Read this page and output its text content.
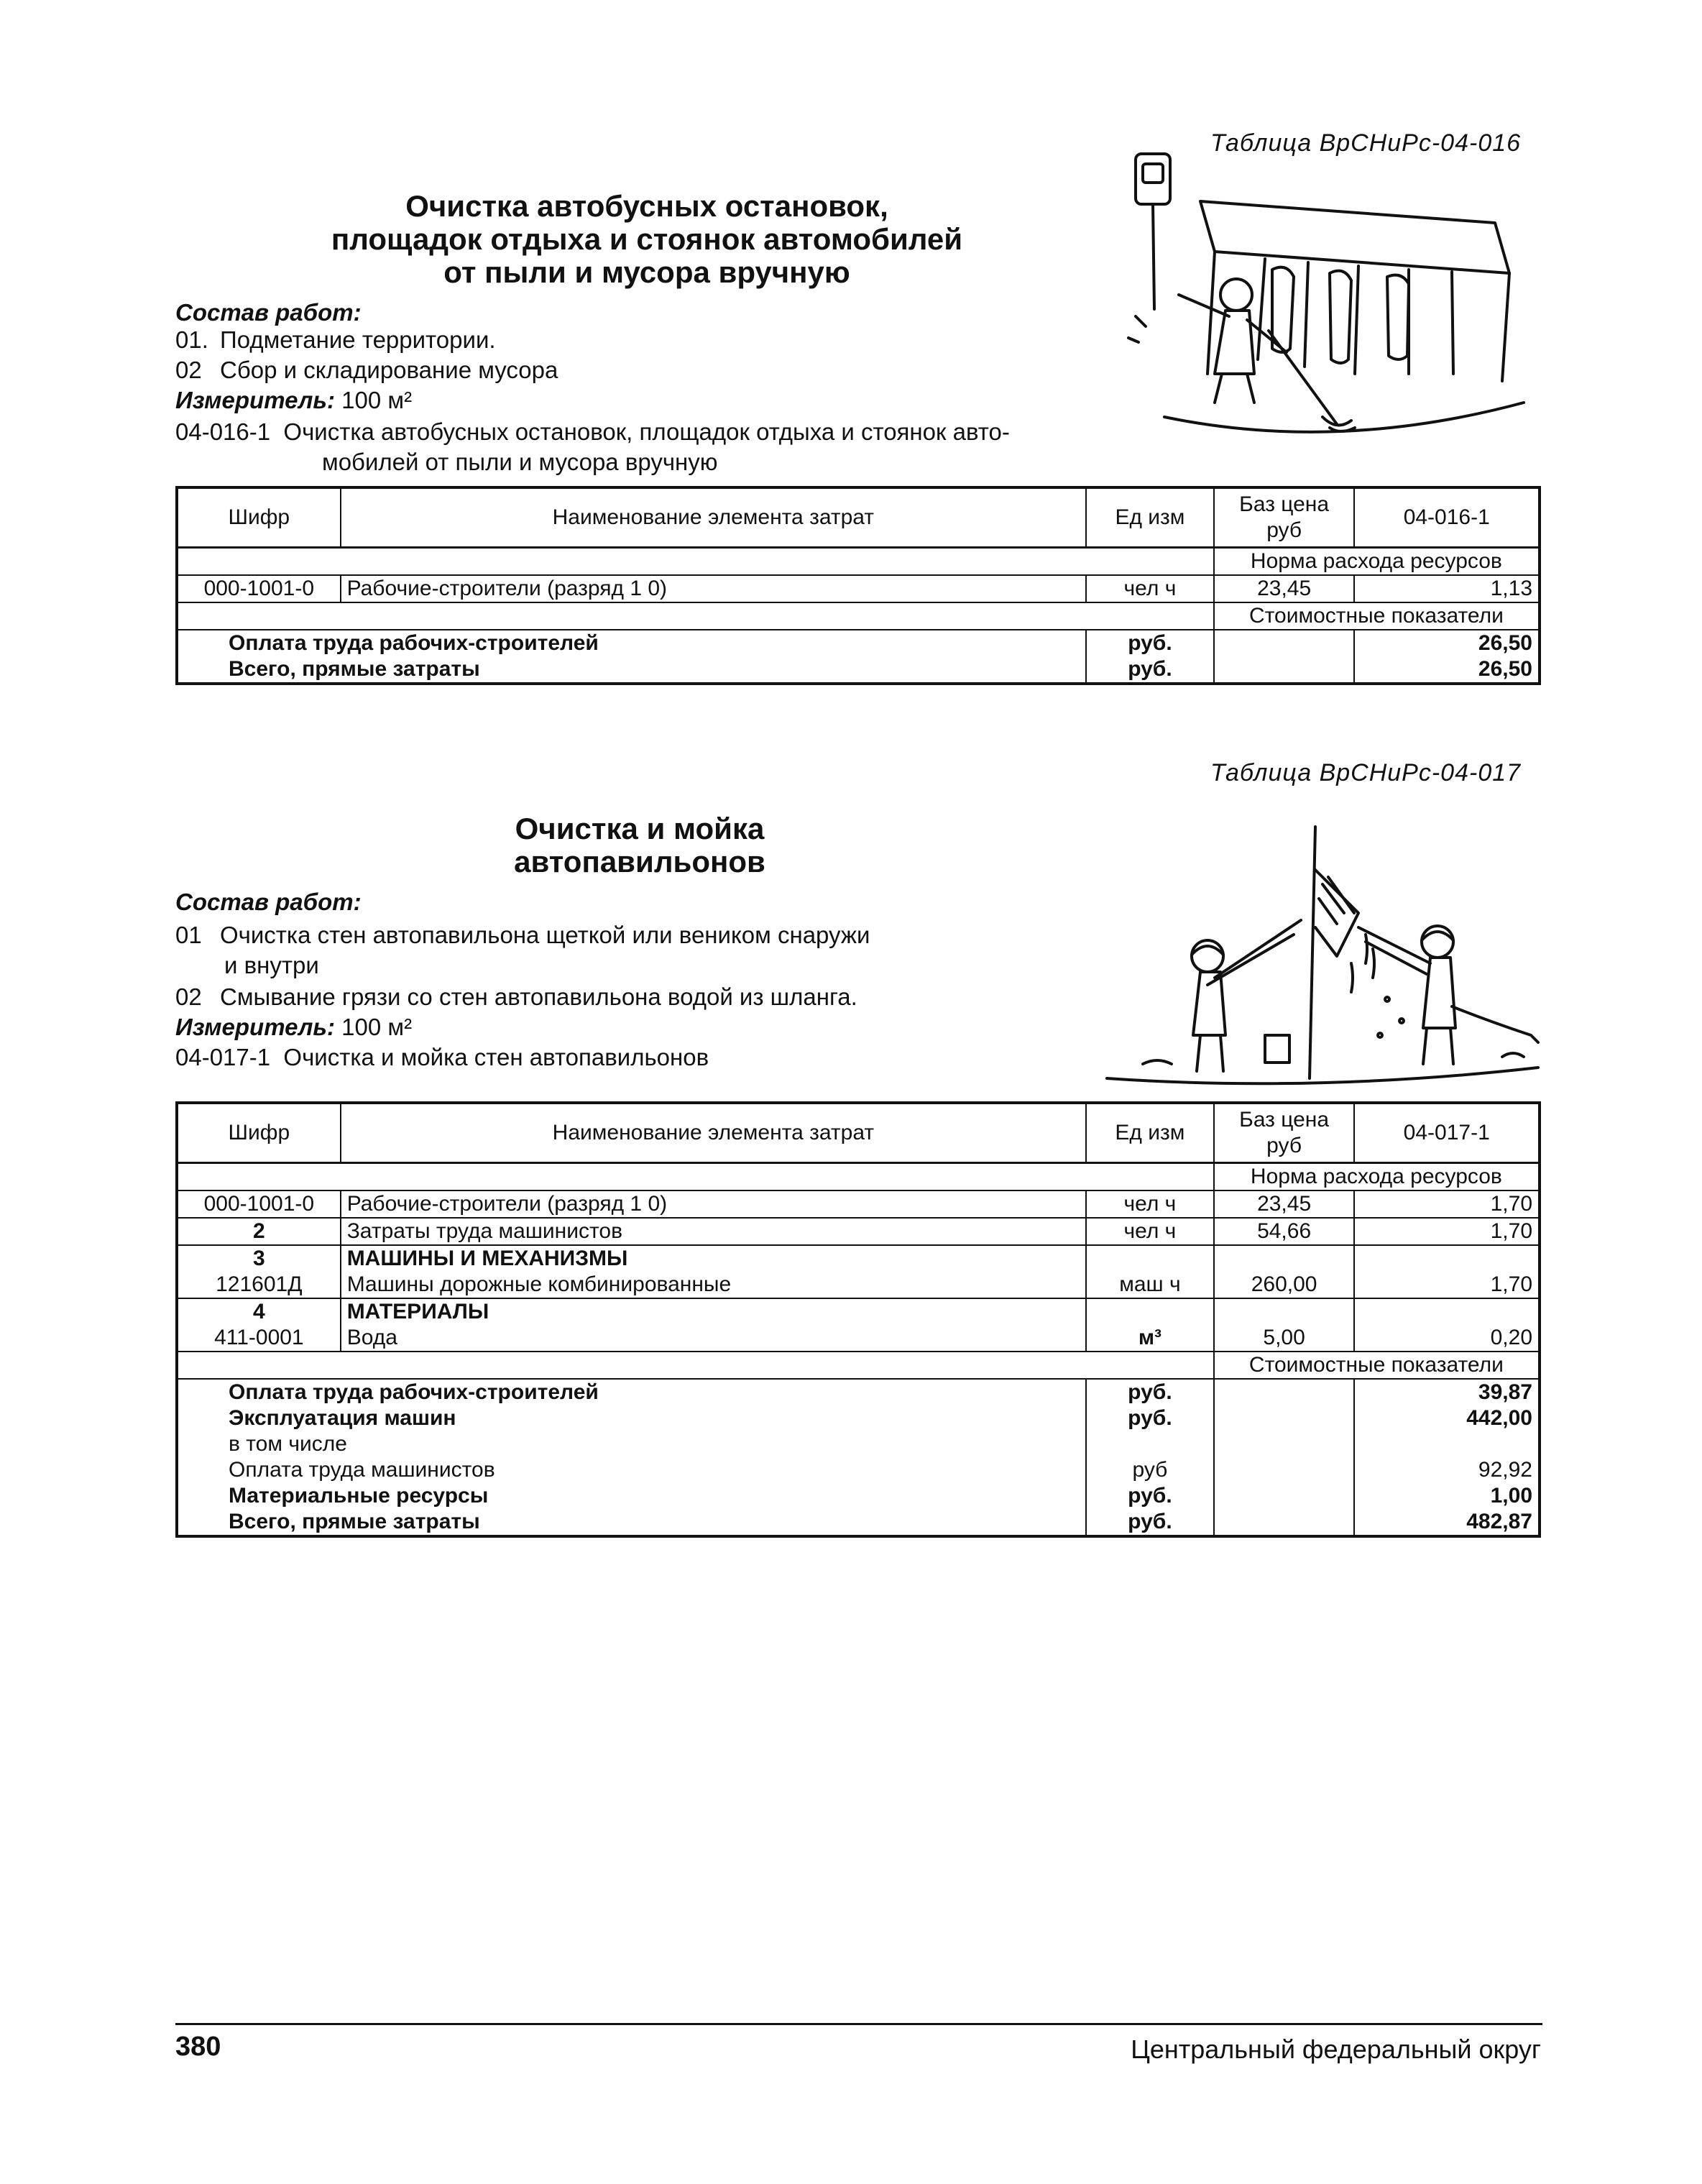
Таблица ВрСНиРс-04-016
Очистка автобусных остановок,
площадок отдыха и стоянок автомобилей
от пыли и мусора вручную
Состав работ:
01. Подметание территории.
02 Сбор и складирование мусора
Измеритель: 100 м²
04-016-1  Очистка автобусных остановок, площадок отдыха и стоянок авто-
мобилей от пыли и мусора вручную
Шифр	Наименование элемента затрат	Ед изм	Баз цена руб	04-016-1
			Норма расхода ресурсов	
000-1001-0	Рабочие-строители (разряд 1 0)	чел ч	23,45	1,13
			Стоимостные показатели	
Оплата труда рабочих-строителей		руб.		26,50
Всего, прямые затраты		руб.		26,50
Таблица ВрСНиРс-04-017
Очистка и мойка
автопавильонов
Состав работ:
01 Очистка стен автопавильона щеткой или веником снаружи
и внутри
02 Смывание грязи со стен автопавильона водой из шланга.
Измеритель: 100 м²
04-017-1  Очистка и мойка стен автопавильонов
Шифр	Наименование элемента затрат	Ед изм	Баз цена руб	04-017-1
			Норма расхода ресурсов	
000-1001-0	Рабочие-строители (разряд 1 0)	чел ч	23,45	1,70
2	Затраты труда машинистов	чел ч	54,66	1,70
3	МАШИНЫ И МЕХАНИЗМЫ			
121601Д	Машины дорожные комбинированные	маш ч	260,00	1,70
4	МАТЕРИАЛЫ			
411-0001	Вода	м³	5,00	0,20
			Стоимостные показатели	
Оплата труда рабочих-строителей		руб.		39,87
Эксплуатация машин		руб.		442,00
в том числе				
Оплата труда машинистов		руб		92,92
Материальные ресурсы		руб.		1,00
Всего, прямые затраты		руб.		482,87
380	Центральный федеральный округ
